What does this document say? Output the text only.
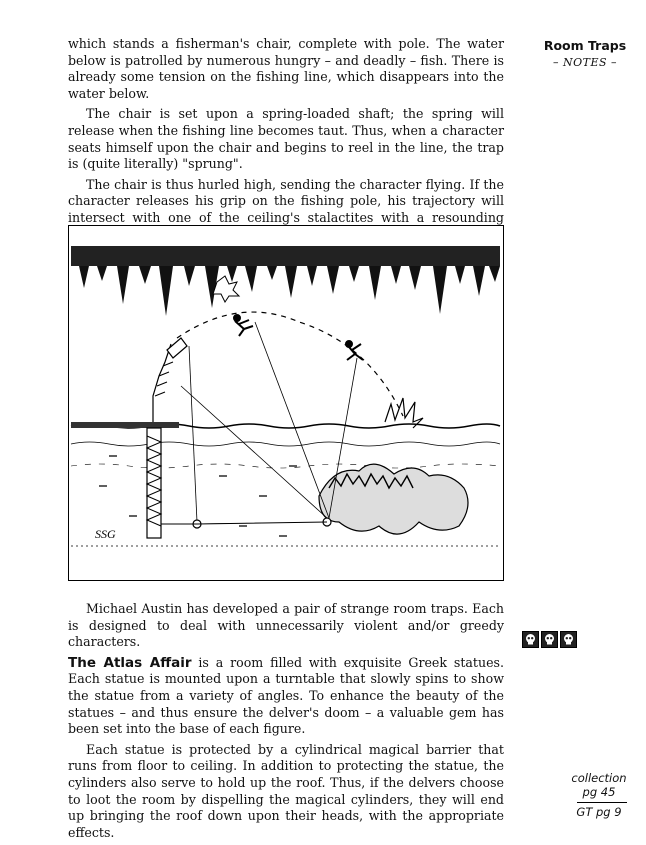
which stands a fisherman's chair, complete with pole. The water below is patrolled by numerous hungry – and deadly – fish. There is already some tension on the fishing line, which disappears into the water below.

The chair is set upon a spring-loaded shaft; the spring will release when the fishing line becomes taut. Thus, when a character seats himself upon the chair and begins to reel in the line, the trap is (quite literally) "sprung".

The chair is thus hurled high, sending the character flying. If the character releases his grip on the fishing pole, his trajectory will intersect with one of the ceiling's stalactites with a resounding

Room Traps
– NOTES –
SSG

Michael Austin has developed a pair of strange room traps. Each is designed to deal with unnecessarily violent and/or greedy characters.

The Atlas Affair is a room filled with exquisite Greek statues. Each statue is mounted upon a turntable that slowly spins to show the statue from a variety of angles. To enhance the beauty of the statues – and thus ensure the delver's doom – a valuable gem has been set into the base of each figure.

Each statue is protected by a cylindrical magical barrier that runs from floor to ceiling. In addition to protecting the statue, the cylinders also serve to hold up the roof. Thus, if the delvers choose to loot the room by dispelling the magical cylinders, they will end up bringing the roof down upon their heads, with the appropriate effects.

collection
pg 45
GT pg 9
